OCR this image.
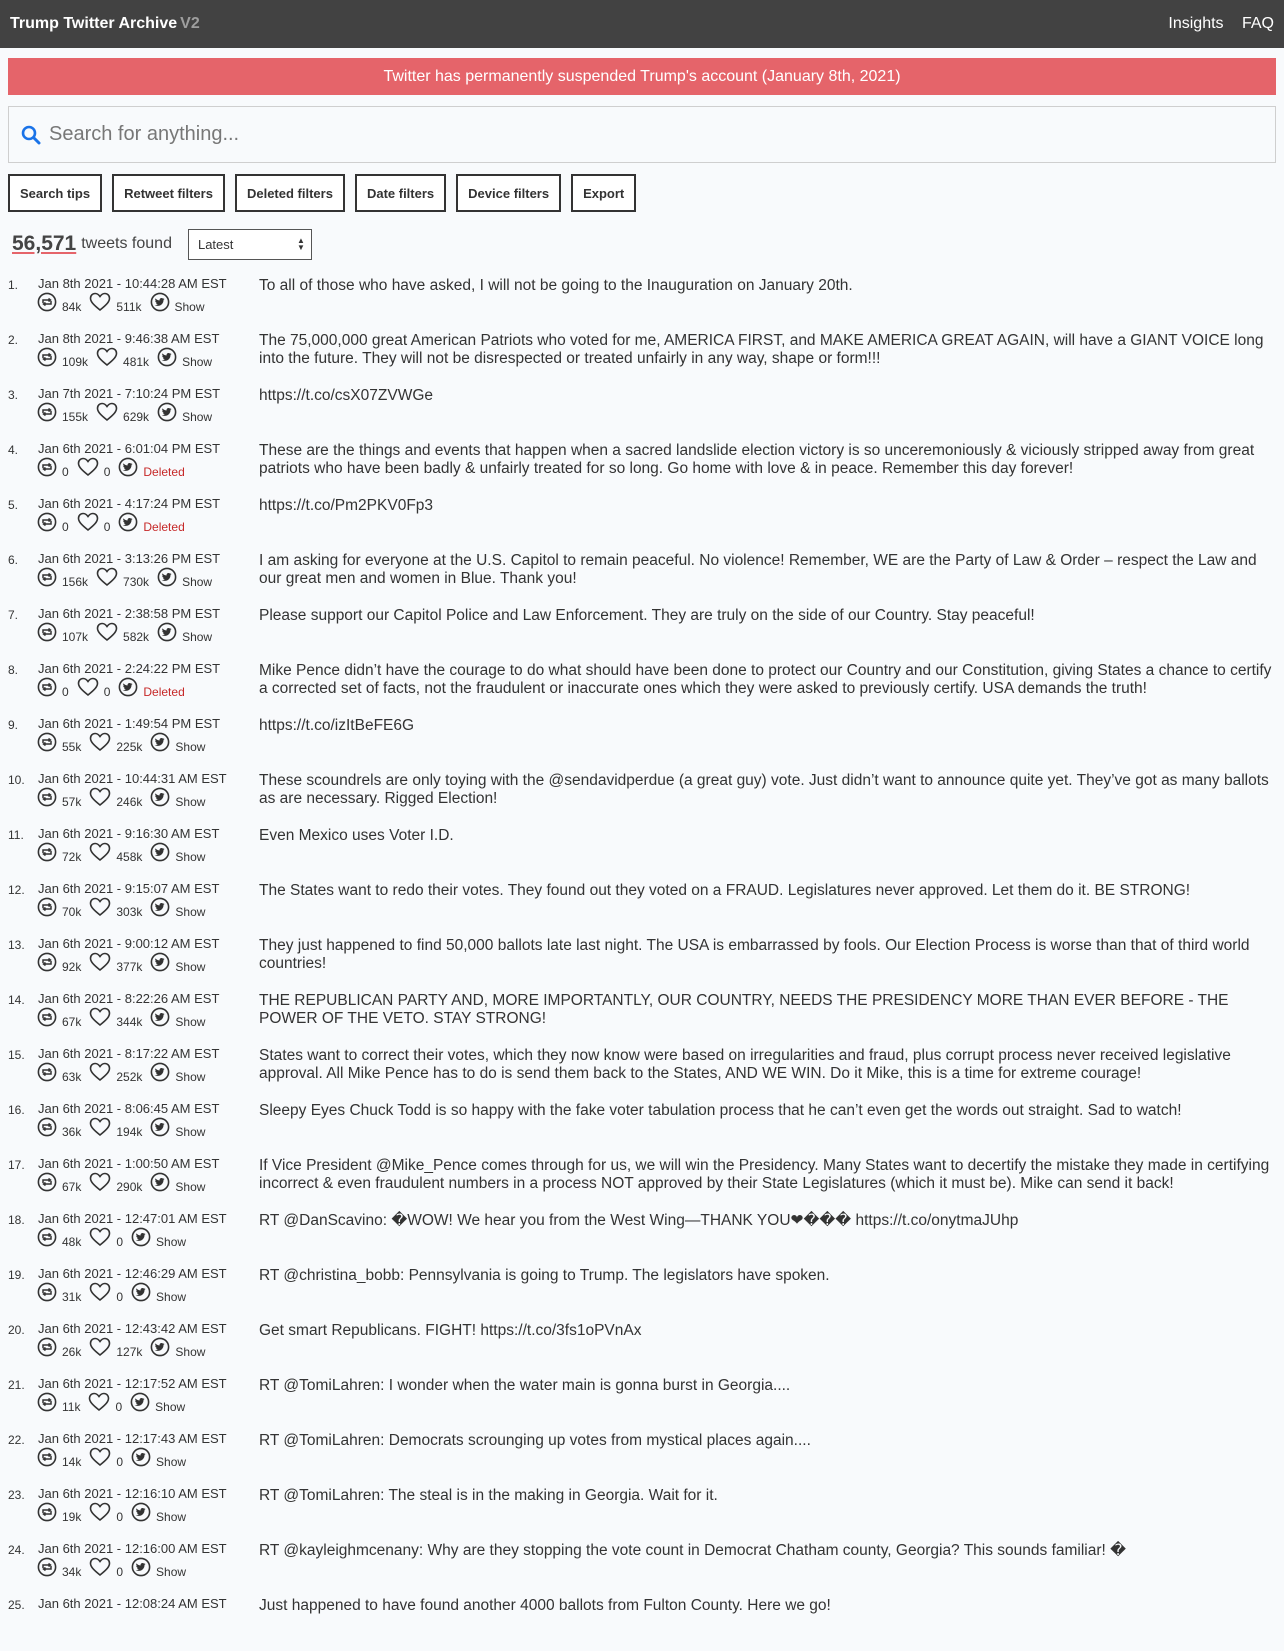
Trump Twitter Archive V2	Insights FAQ
Twitter has permanently suspended Trump's account (January 8th, 2021)
Search for anything...
Search tips	Retweet filters	Deleted filters	Date filters	Device filters	Export
56,571 tweets found Latest	▲
▼
1. Jan 8th 2021 - 10:44:28 AM EST
84k	511k	Show
To all of those who have asked, I will not be going to the Inauguration on January 20th.
2. Jan 8th 2021 - 9:46:38 AM EST
109k	481k	Show
The 75,000,000 great American Patriots who voted for me, AMERICA FIRST, and MAKE AMERICA GREAT AGAIN, will have a GIANT VOICE long into the future. They will not be disrespected or treated unfairly in any way, shape or form!!!
3. Jan 7th 2021 - 7:10:24 PM EST
155k	629k	Show
https://t.co/csX07ZVWGe
4. Jan 6th 2021 - 6:01:04 PM EST
0	0	Deleted
These are the things and events that happen when a sacred landslide election victory is so unceremoniously & viciously stripped away from great patriots who have been badly & unfairly treated for so long. Go home with love & in peace. Remember this day forever!
5. Jan 6th 2021 - 4:17:24 PM EST
0	0	Deleted
https://t.co/Pm2PKV0Fp3
6. Jan 6th 2021 - 3:13:26 PM EST
156k	730k	Show
I am asking for everyone at the U.S. Capitol to remain peaceful. No violence! Remember, WE are the Party of Law & Order – respect the Law and our great men and women in Blue. Thank you!
7. Jan 6th 2021 - 2:38:58 PM EST
107k	582k	Show
Please support our Capitol Police and Law Enforcement. They are truly on the side of our Country. Stay peaceful!
8. Jan 6th 2021 - 2:24:22 PM EST
0	0	Deleted
Mike Pence didn’t have the courage to do what should have been done to protect our Country and our Constitution, giving States a chance to certify a corrected set of facts, not the fraudulent or inaccurate ones which they were asked to previously certify. USA demands the truth!
9. Jan 6th 2021 - 1:49:54 PM EST
55k	225k	Show
https://t.co/izItBeFE6G
10. Jan 6th 2021 - 10:44:31 AM EST
57k	246k	Show
These scoundrels are only toying with the @sendavidperdue (a great guy) vote. Just didn’t want to announce quite yet. They’ve got as many ballots as are necessary. Rigged Election!
11. Jan 6th 2021 - 9:16:30 AM EST
72k	458k	Show
Even Mexico uses Voter I.D.
12. Jan 6th 2021 - 9:15:07 AM EST
70k	303k	Show
The States want to redo their votes. They found out they voted on a FRAUD. Legislatures never approved. Let them do it. BE STRONG!
13. Jan 6th 2021 - 9:00:12 AM EST
92k	377k	Show
They just happened to find 50,000 ballots late last night. The USA is embarrassed by fools. Our Election Process is worse than that of third world countries!
14. Jan 6th 2021 - 8:22:26 AM EST
67k	344k	Show
THE REPUBLICAN PARTY AND, MORE IMPORTANTLY, OUR COUNTRY, NEEDS THE PRESIDENCY MORE THAN EVER BEFORE - THE POWER OF THE VETO. STAY STRONG!
15. Jan 6th 2021 - 8:17:22 AM EST
63k	252k	Show
States want to correct their votes, which they now know were based on irregularities and fraud, plus corrupt process never received legislative approval. All Mike Pence has to do is send them back to the States, AND WE WIN. Do it Mike, this is a time for extreme courage!
16. Jan 6th 2021 - 8:06:45 AM EST
36k	194k	Show
Sleepy Eyes Chuck Todd is so happy with the fake voter tabulation process that he can’t even get the words out straight. Sad to watch!
17. Jan 6th 2021 - 1:00:50 AM EST
67k	290k	Show
If Vice President @Mike_Pence comes through for us, we will win the Presidency. Many States want to decertify the mistake they made in certifying incorrect & even fraudulent numbers in a process NOT approved by their State Legislatures (which it must be). Mike can send it back!
18. Jan 6th 2021 - 12:47:01 AM EST
48k	0	Show
RT @DanScavino: �WOW! We hear you from the West Wing—THANK YOU❤��� https://t.co/onytmaJUhp
19. Jan 6th 2021 - 12:46:29 AM EST
31k	0	Show
RT @christina_bobb: Pennsylvania is going to Trump. The legislators have spoken.
20. Jan 6th 2021 - 12:43:42 AM EST
26k	127k	Show
Get smart Republicans. FIGHT! https://t.co/3fs1oPVnAx
21. Jan 6th 2021 - 12:17:52 AM EST
11k	0	Show
RT @TomiLahren: I wonder when the water main is gonna burst in Georgia....
22. Jan 6th 2021 - 12:17:43 AM EST
14k	0	Show
RT @TomiLahren: Democrats scrounging up votes from mystical places again....
23. Jan 6th 2021 - 12:16:10 AM EST
19k	0	Show
RT @TomiLahren: The steal is in the making in Georgia. Wait for it.
24. Jan 6th 2021 - 12:16:00 AM EST
34k	0	Show
RT @kayleighmcenany: Why are they stopping the vote count in Democrat Chatham county, Georgia? This sounds familiar! �
25. Jan 6th 2021 - 12:08:24 AM EST Just happened to have found another 4000 ballots from Fulton County. Here we go!
